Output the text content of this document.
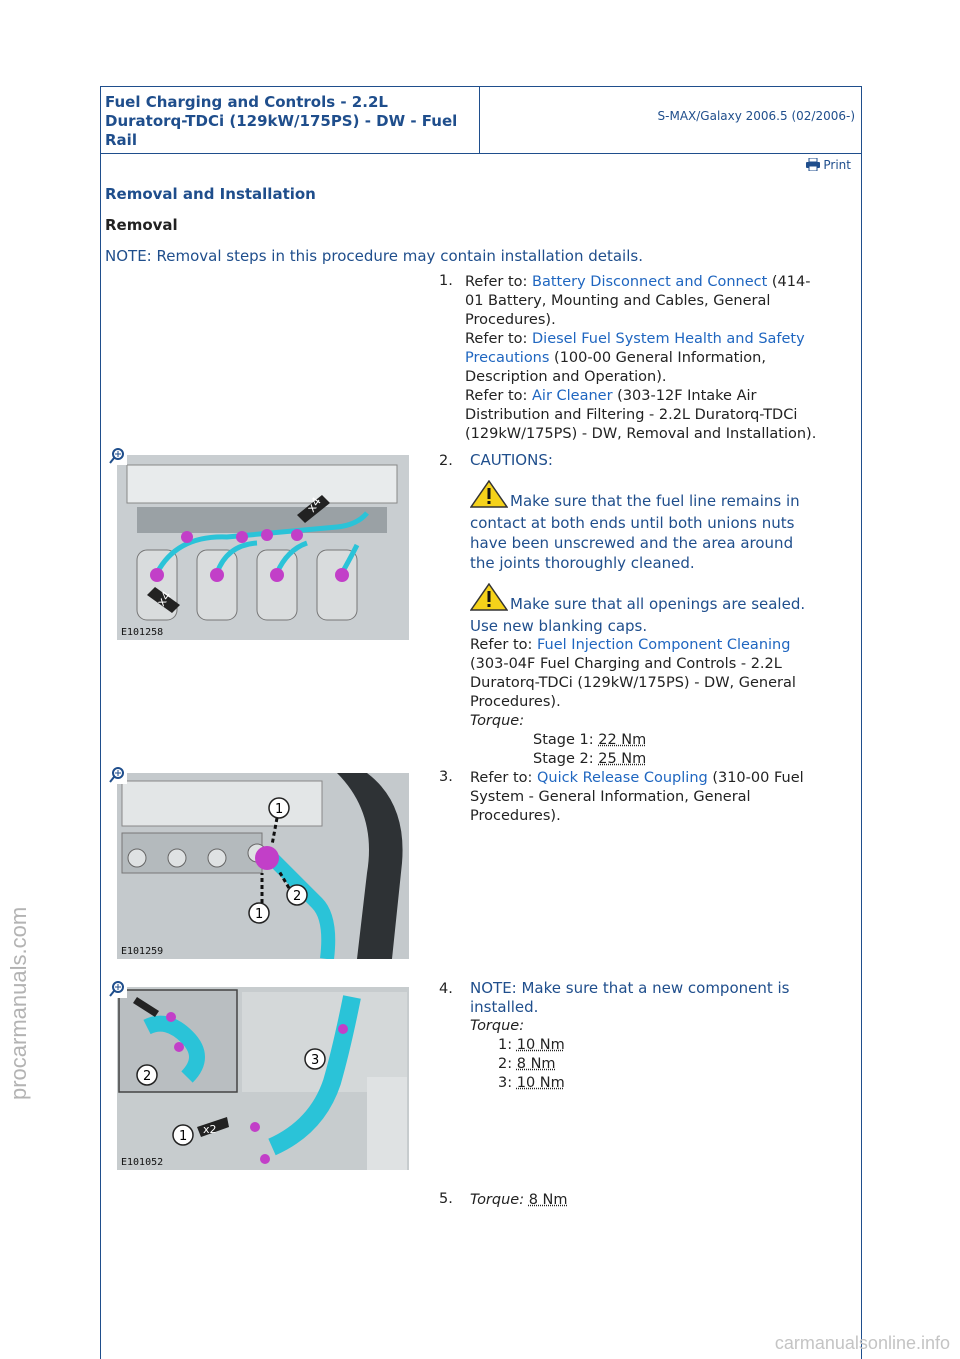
Fuel Charging and Controls - 2.2L Duratorq-TDCi (129kW/175PS) - DW - Fuel Rail
S-MAX/Galaxy 2006.5 (02/2006-)
Print
Removal and Installation
Removal
NOTE: Removal steps in this procedure may contain installation details.
1. Refer to: Battery Disconnect and Connect (414-
01 Battery, Mounting and Cables, General
Procedures).
Refer to: Diesel Fuel System Health and Safety
Precautions (100-00 General Information,
Description and Operation).
Refer to: Air Cleaner (303-12F Intake Air
Distribution and Filtering - 2.2L Duratorq-TDCi
(129kW/175PS) - DW, Removal and Installation).
x4
x4
E101258
2. CAUTIONS:
Make sure that the fuel line remains in
contact at both ends until both unions nuts
have been unscrewed and the area around
the joints thoroughly cleaned.
Make sure that all openings are sealed.
Use new blanking caps.
Refer to: Fuel Injection Component Cleaning
(303-04F Fuel Charging and Controls - 2.2L
Duratorq-TDCi (129kW/175PS) - DW, General
Procedures).
Torque:
Stage 1: 22 Nm
Stage 2: 25 Nm
1
2
1
E101259
3. Refer to: Quick Release Coupling (310-00 Fuel
System - General Information, General
Procedures).
x2
2
1
3
E101052
4. NOTE: Make sure that a new component is
installed.
Torque:
1: 10 Nm
2: 8 Nm
3: 10 Nm
5. Torque: 8 Nm
procarmanuals.com
carmanualsonline.info
